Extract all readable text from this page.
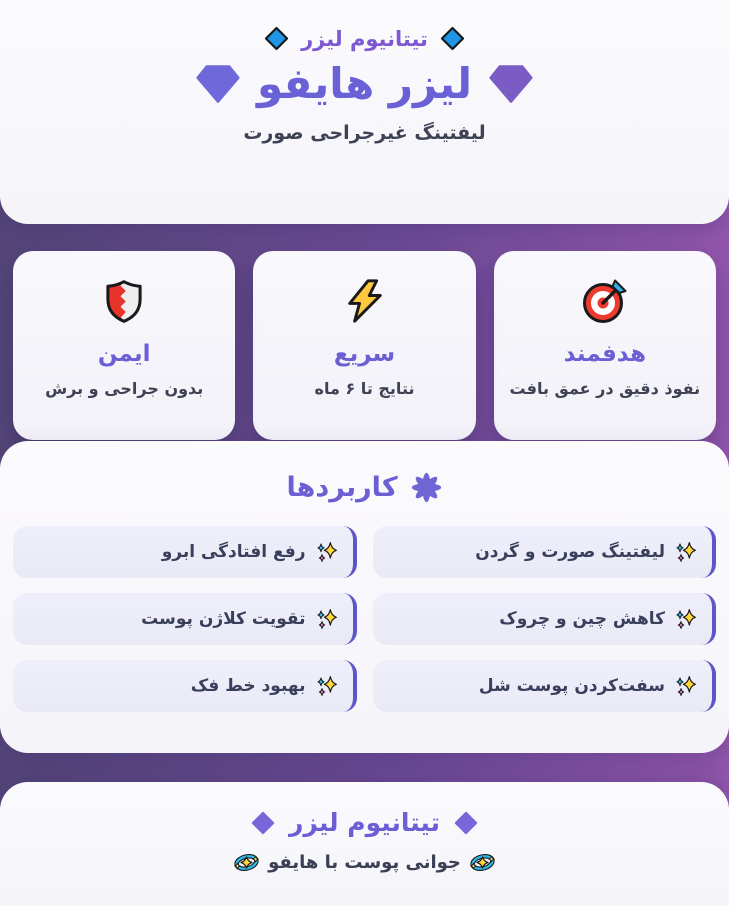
تیتانیوم لیزر
لیزر هایفو
لیفتینگ غیرجراحی صورت
هدفمند
نفوذ دقیق در عمق بافت
سریع
نتایج تا ۶ ماه
ایمن
بدون جراحی و برش
کاربردها
لیفتینگ صورت و گردن
رفع افتادگی ابرو
کاهش چین و چروک
تقویت کلاژن پوست
سفت‌کردن پوست شل
بهبود خط فک
تیتانیوم لیزر
جوانی پوست با هایفو
